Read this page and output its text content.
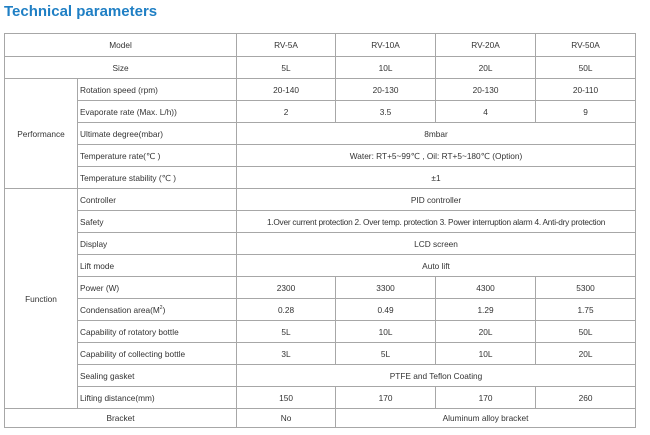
Technical parameters
Model		RV-5A	RV-10A	RV-20A	RV-50A
Size		5L	10L	20L	50L
Performance	Rotation speed (rpm)	20-140	20-130	20-130	20-110
	Evaporate rate (Max. L/h))	2	3.5	4	9
	Ultimate degree(mbar)	8mbar			
	Temperature rate(℃ )	Water: RT+5~99℃ , Oil: RT+5~180℃ (Option)			
	Temperature stability (℃ )	±1			
Function	Controller	PID controller			
	Safety	1.Over current protection 2. Over temp. protection 3. Power interruption alarm 4. Anti-dry protection			
	Display	LCD screen			
	Lift mode	Auto lift			
	Power (W)	2300	3300	4300	5300
	Condensation $area(M^2)$	0.28	0.49	1.29	1.75
	Capability of rotatory bottle	5L	10L	20L	50L
	Capability of collecting bottle	3L	5L	10L	20L
	Sealing gasket	PTFE and Teflon Coating			
	Lifting distance(mm)	150	170	170	260
Bracket		No	Aluminum alloy bracket		
